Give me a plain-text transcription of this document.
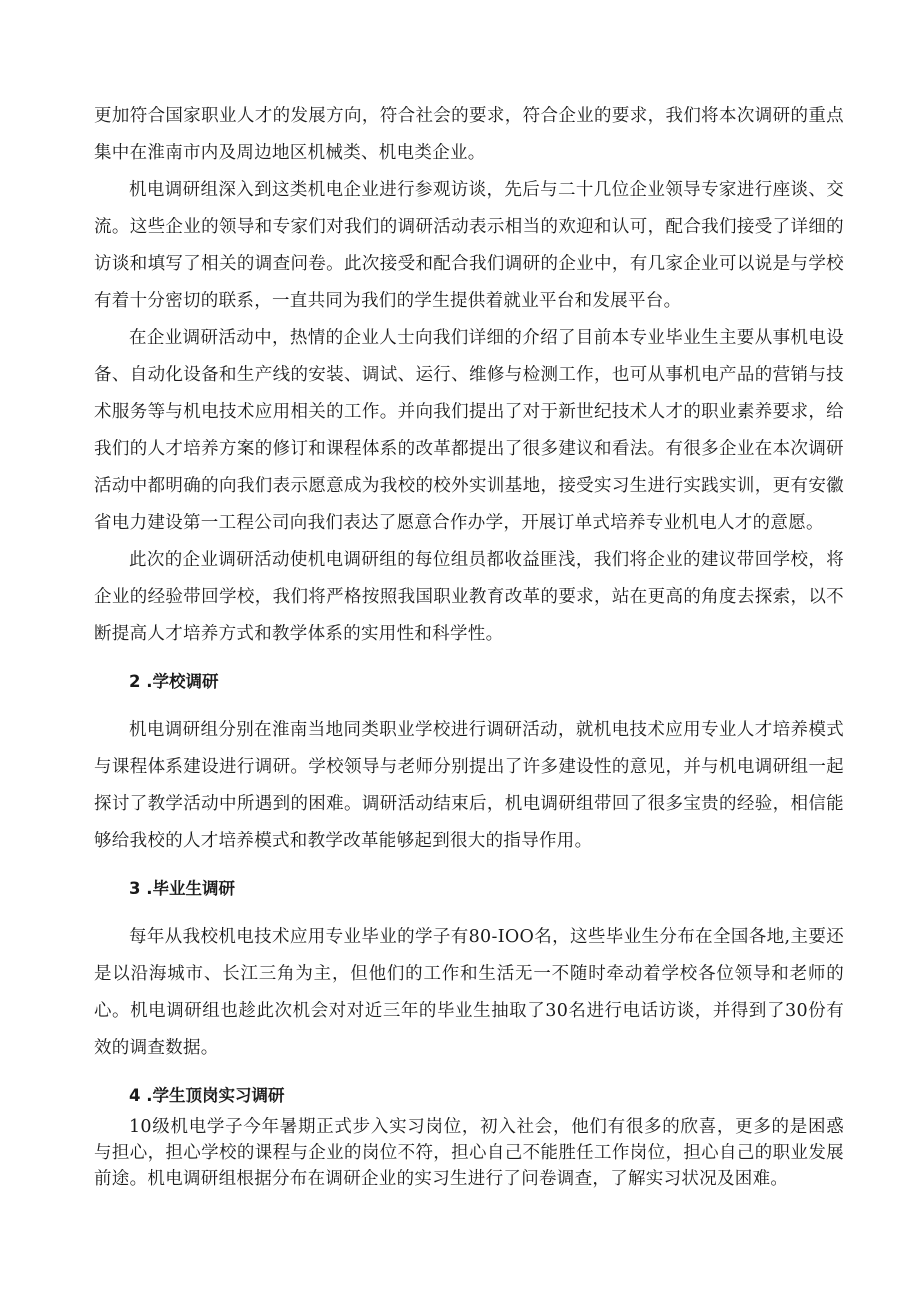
更加符合国家职业人才的发展方向，符合社会的要求，符合企业的要求，我们将本次调研的重点集中在淮南市内及周边地区机械类、机电类企业。

机电调研组深入到这类机电企业进行参观访谈，先后与二十几位企业领导专家进行座谈、交流。这些企业的领导和专家们对我们的调研活动表示相当的欢迎和认可，配合我们接受了详细的访谈和填写了相关的调查问卷。此次接受和配合我们调研的企业中，有几家企业可以说是与学校有着十分密切的联系，一直共同为我们的学生提供着就业平台和发展平台。

在企业调研活动中，热情的企业人士向我们详细的介绍了目前本专业毕业生主要从事机电设备、自动化设备和生产线的安装、调试、运行、维修与检测工作，也可从事机电产品的营销与技术服务等与机电技术应用相关的工作。并向我们提出了对于新世纪技术人才的职业素养要求，给我们的人才培养方案的修订和课程体系的改革都提出了很多建议和看法。有很多企业在本次调研活动中都明确的向我们表示愿意成为我校的校外实训基地，接受实习生进行实践实训，更有安徽省电力建设第一工程公司向我们表达了愿意合作办学，开展订单式培养专业机电人才的意愿。

此次的企业调研活动使机电调研组的每位组员都收益匪浅，我们将企业的建议带回学校，将企业的经验带回学校，我们将严格按照我国职业教育改革的要求，站在更高的角度去探索，以不断提高人才培养方式和教学体系的实用性和科学性。

2 .学校调研

机电调研组分别在淮南当地同类职业学校进行调研活动，就机电技术应用专业人才培养模式与课程体系建设进行调研。学校领导与老师分别提出了许多建设性的意见，并与机电调研组一起探讨了教学活动中所遇到的困难。调研活动结束后，机电调研组带回了很多宝贵的经验，相信能够给我校的人才培养模式和教学改革能够起到很大的指导作用。

3 .毕业生调研

每年从我校机电技术应用专业毕业的学子有80-IOO名，这些毕业生分布在全国各地,主要还是以沿海城市、长江三角为主，但他们的工作和生活无一不随时牵动着学校各位领导和老师的心。机电调研组也趁此次机会对对近三年的毕业生抽取了30名进行电话访谈，并得到了30份有效的调查数据。

4 .学生顶岗实习调研

10级机电学子今年暑期正式步入实习岗位，初入社会，他们有很多的欣喜，更多的是困惑与担心，担心学校的课程与企业的岗位不符，担心自己不能胜任工作岗位，担心自己的职业发展前途。机电调研组根据分布在调研企业的实习生进行了问卷调查，了解实习状况及困难。
